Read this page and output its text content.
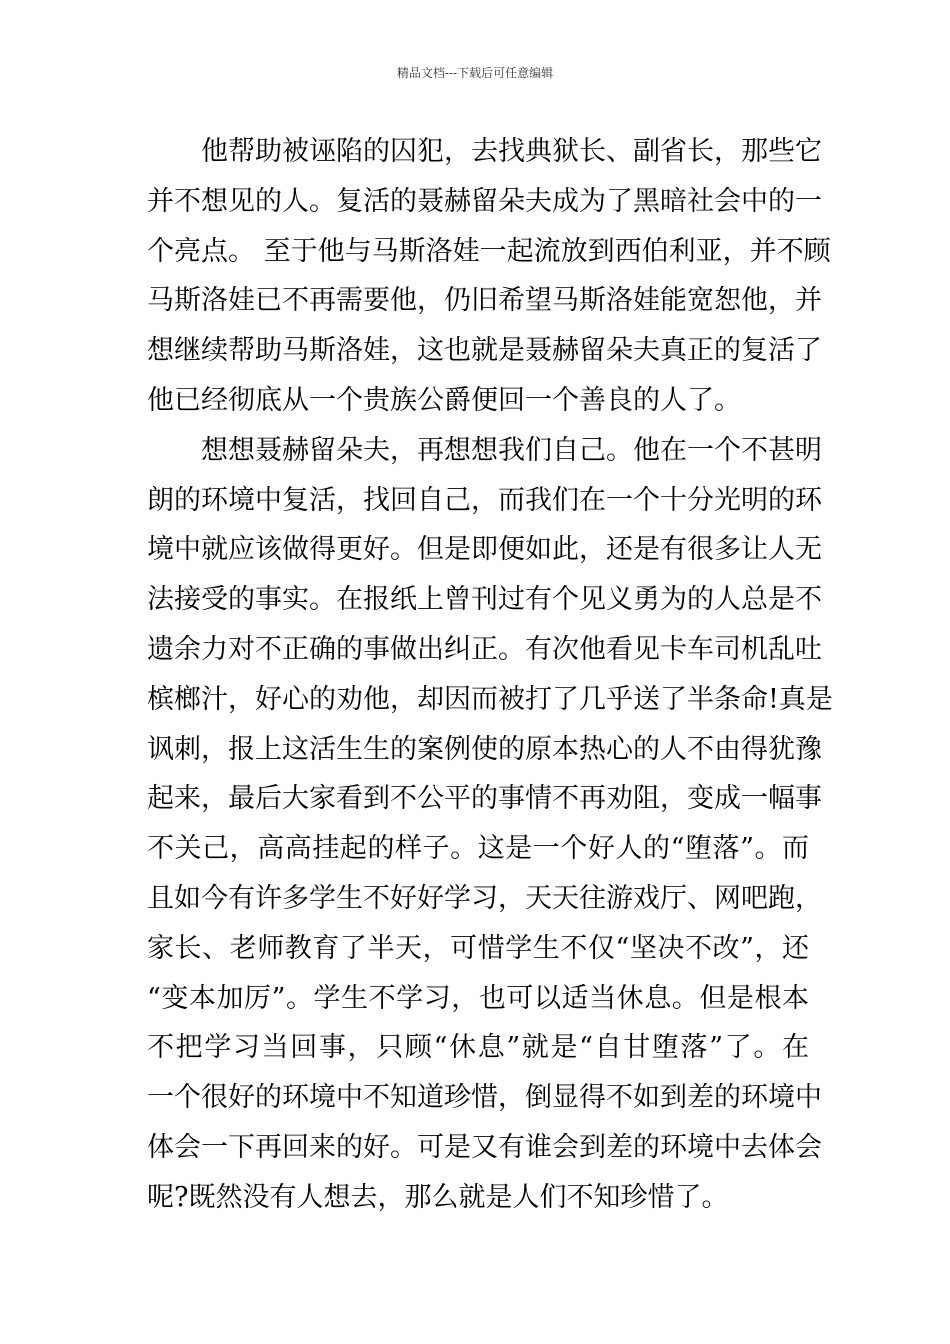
精品文档---下载后可任意编辑
他帮助被诬陷的囚犯，去找典狱长、副省长，那些它
并不想见的人。复活的聂赫留朵夫成为了黑暗社会中的一
个亮点。 至于他与马斯洛娃一起流放到西伯利亚，并不顾
马斯洛娃已不再需要他，仍旧希望马斯洛娃能宽恕他，并
想继续帮助马斯洛娃，这也就是聂赫留朵夫真正的复活了
他已经彻底从一个贵族公爵便回一个善良的人了。
想想聂赫留朵夫，再想想我们自己。他在一个不甚明
朗的环境中复活，找回自己，而我们在一个十分光明的环
境中就应该做得更好。但是即便如此，还是有很多让人无
法接受的事实。在报纸上曾刊过有个见义勇为的人总是不
遗余力对不正确的事做出纠正。有次他看见卡车司机乱吐
槟榔汁，好心的劝他，却因而被打了几乎送了半条命!真是
讽刺，报上这活生生的案例使的原本热心的人不由得犹豫
起来，最后大家看到不公平的事情不再劝阻，变成一幅事
不关己，高高挂起的样子。这是一个好人的“堕落”。而
且如今有许多学生不好好学习，天天往游戏厅、网吧跑，
家长、老师教育了半天，可惜学生不仅“坚决不改”，还
“变本加厉”。学生不学习，也可以适当休息。但是根本
不把学习当回事，只顾“休息”就是“自甘堕落”了。在
一个很好的环境中不知道珍惜，倒显得不如到差的环境中
体会一下再回来的好。可是又有谁会到差的环境中去体会
呢?既然没有人想去，那么就是人们不知珍惜了。
